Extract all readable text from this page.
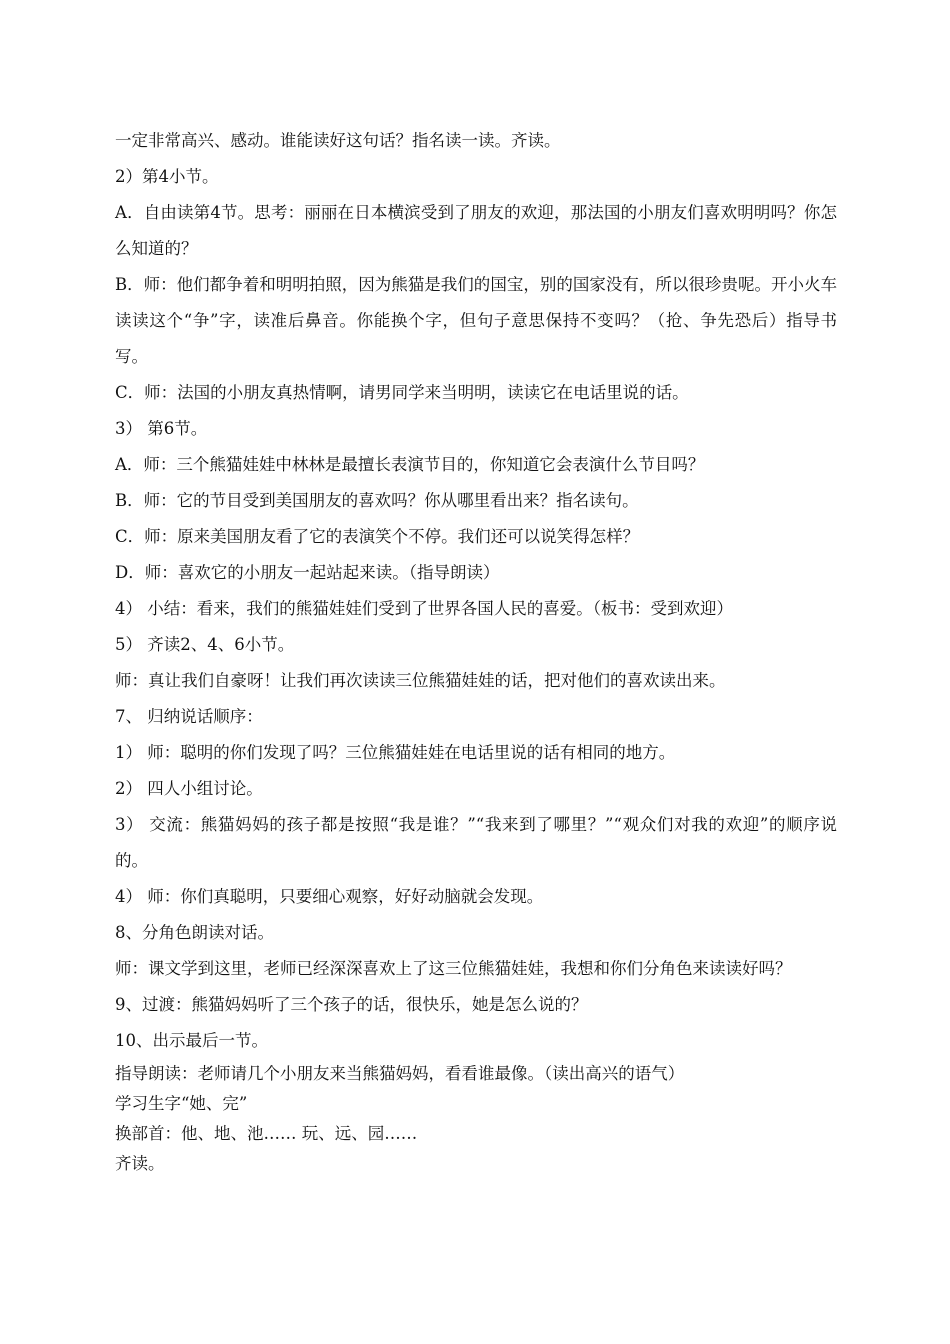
一定非常高兴、感动。谁能读好这句话？指名读一读。齐读。

2）第4小节。

A．自由读第4节。思考：丽丽在日本横滨受到了朋友的欢迎，那法国的小朋友们喜欢明明吗？你怎么知道的？

B．师：他们都争着和明明拍照，因为熊猫是我们的国宝，别的国家没有，所以很珍贵呢。开小火车读读这个“争”字，读准后鼻音。你能换个字，但句子意思保持不变吗？（抢、争先恐后）指导书写。

C．师：法国的小朋友真热情啊，请男同学来当明明，读读它在电话里说的话。

3） 第6节。

A．师：三个熊猫娃娃中林林是最擅长表演节目的，你知道它会表演什么节目吗？

B．师：它的节目受到美国朋友的喜欢吗？你从哪里看出来？指名读句。

C．师：原来美国朋友看了它的表演笑个不停。我们还可以说笑得怎样？

D．师：喜欢它的小朋友一起站起来读。（指导朗读）

4） 小结：看来，我们的熊猫娃娃们受到了世界各国人民的喜爱。（板书：受到欢迎）

5） 齐读2、4、6小节。

师：真让我们自豪呀！让我们再次读读三位熊猫娃娃的话，把对他们的喜欢读出来。

7、 归纳说话顺序：

1） 师：聪明的你们发现了吗？三位熊猫娃娃在电话里说的话有相同的地方。

2） 四人小组讨论。

3） 交流：熊猫妈妈的孩子都是按照“我是谁？”“我来到了哪里？”“观众们对我的欢迎”的顺序说的。

4） 师：你们真聪明，只要细心观察，好好动脑就会发现。

8、分角色朗读对话。

师：课文学到这里，老师已经深深喜欢上了这三位熊猫娃娃，我想和你们分角色来读读好吗？

9、过渡：熊猫妈妈听了三个孩子的话，很快乐，她是怎么说的？

10、出示最后一节。

指导朗读：老师请几个小朋友来当熊猫妈妈，看看谁最像。（读出高兴的语气）

学习生字“她、完”

换部首：他、地、池…… 玩、远、园……

齐读。
